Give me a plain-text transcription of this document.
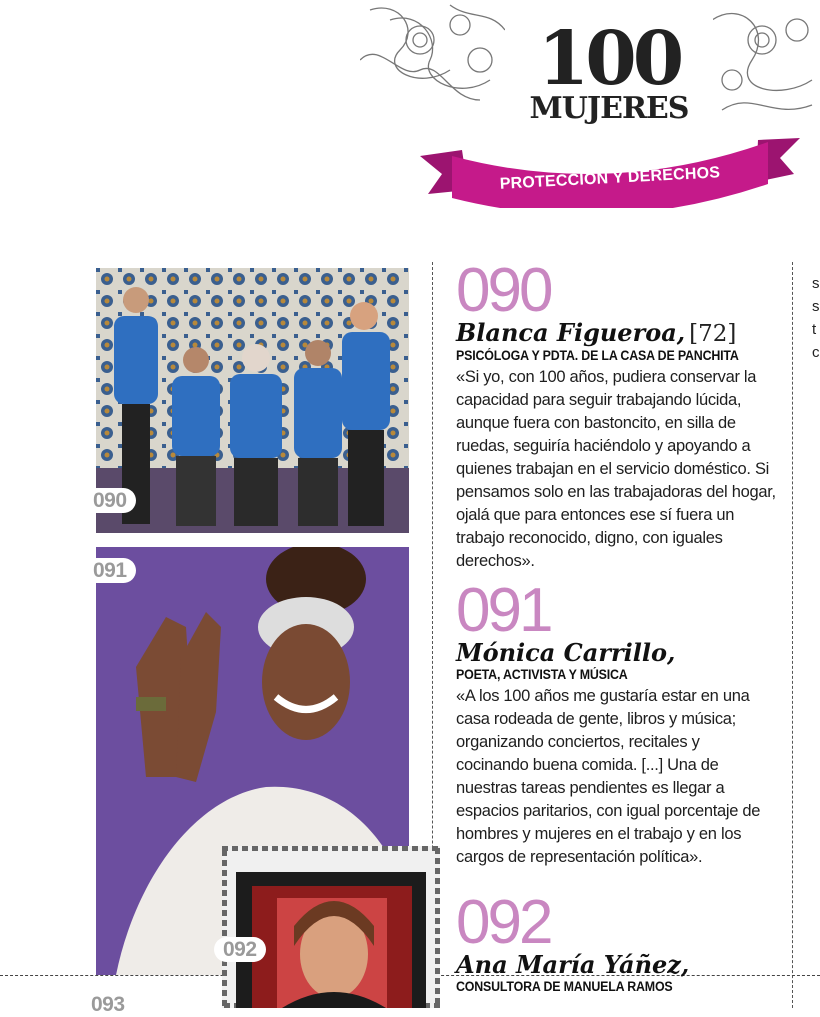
100
MUJERES
PROTECCIÓN Y DERECHOS
090
091
092
093
090
Blanca Figueroa, [72]
PSICÓLOGA Y PDTA. DE LA CASA DE PANCHITA

«Si yo, con 100 años, pudiera conservar la capacidad para seguir trabajando lúcida, aunque fuera con bastoncito, en silla de ruedas, seguiría haciéndolo y apoyando a quienes trabajan en el servicio doméstico. Si pensamos solo en las trabajadoras del hogar, ojalá que para entonces ese sí fuera un trabajo reconocido, digno, con iguales derechos».

091
Mónica Carrillo,
POETA, ACTIVISTA Y MÚSICA

«A los 100 años me gustaría estar en una casa rodeada de gente, libros y música; organizando conciertos, recitales y cocinando buena comida. [...] Una de nuestras tareas pendientes es llegar a espacios paritarios, con igual porcentaje de hombres y mujeres en el trabajo y en los cargos de representación política».

092
Ana María Yáñez,
CONSULTORA DE MANUELA RAMOS
s
s
t
c
